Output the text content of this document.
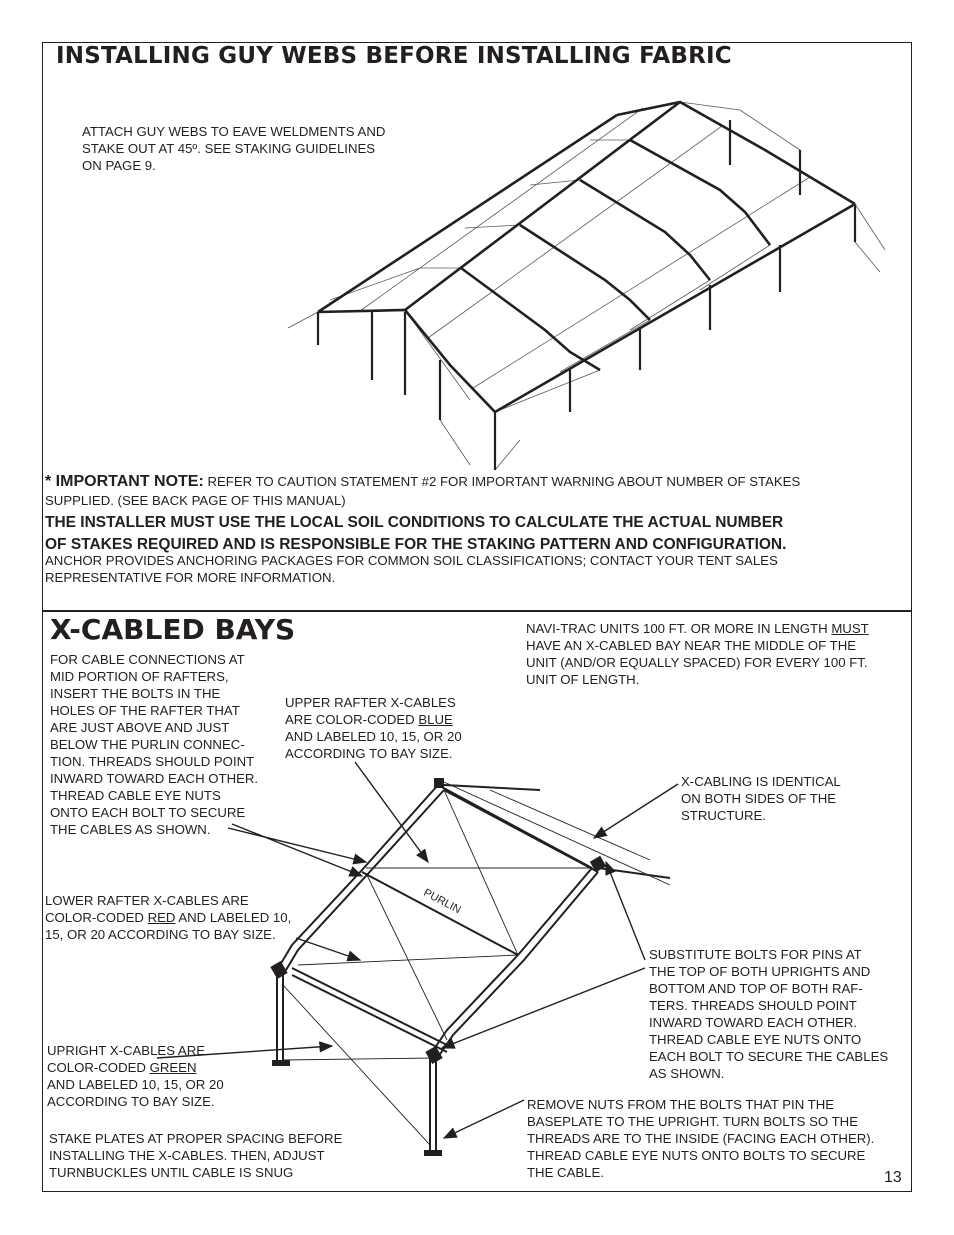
INSTALLING GUY WEBS BEFORE INSTALLING FABRIC
ATTACH GUY WEBS TO EAVE WELDMENTS AND
STAKE OUT AT 45º. SEE STAKING GUIDELINES
ON PAGE 9.
* IMPORTANT NOTE: REFER TO CAUTION STATEMENT #2 FOR IMPORTANT WARNING ABOUT NUMBER OF STAKES
SUPPLIED. (SEE BACK PAGE OF THIS MANUAL)
THE INSTALLER MUST USE THE LOCAL SOIL CONDITIONS TO CALCULATE THE ACTUAL NUMBER
OF STAKES REQUIRED AND IS RESPONSIBLE FOR THE STAKING PATTERN AND CONFIGURATION.
ANCHOR PROVIDES ANCHORING PACKAGES FOR COMMON SOIL CLASSIFICATIONS; CONTACT YOUR TENT SALES
REPRESENTATIVE FOR MORE INFORMATION.
X-CABLED BAYS	NAVI-TRAC UNITS 100 FT. OR MORE IN LENGTH MUST
HAVE AN X-CABLED BAY NEAR THE MIDDLE OF THE
UNIT (AND/OR EQUALLY SPACED) FOR EVERY 100 FT.
UNIT OF LENGTH.
FOR CABLE CONNECTIONS AT
MID PORTION OF RAFTERS,
INSERT THE BOLTS IN THE
HOLES OF THE RAFTER THAT
ARE JUST ABOVE AND JUST
BELOW THE PURLIN CONNEC-
TION. THREADS SHOULD POINT
INWARD TOWARD EACH OTHER.
THREAD CABLE EYE NUTS
ONTO EACH BOLT TO SECURE
THE CABLES AS SHOWN.
UPPER RAFTER X-CABLES
ARE COLOR-CODED BLUE
AND LABELED 10, 15, OR 20
ACCORDING TO BAY SIZE.
X-CABLING IS IDENTICAL
ON BOTH SIDES OF THE
STRUCTURE.
PURLIN
LOWER RAFTER X-CABLES ARE
COLOR-CODED RED AND LABELED 10,
15, OR 20 ACCORDING TO BAY SIZE.
SUBSTITUTE BOLTS FOR PINS AT
THE TOP OF BOTH UPRIGHTS AND
BOTTOM AND TOP OF BOTH RAF-
TERS. THREADS SHOULD POINT
INWARD TOWARD EACH OTHER.
THREAD CABLE EYE NUTS ONTO
EACH BOLT TO SECURE THE CABLES
AS SHOWN.
UPRIGHT X-CABLES ARE
COLOR-CODED GREEN
AND LABELED 10, 15, OR 20
ACCORDING TO BAY SIZE.	REMOVE NUTS FROM THE BOLTS THAT PIN THE
BASEPLATE TO THE UPRIGHT. TURN BOLTS SO THE
THREADS ARE TO THE INSIDE (FACING EACH OTHER).
THREAD CABLE EYE NUTS ONTO BOLTS TO SECURE
THE CABLE.
STAKE PLATES AT PROPER SPACING BEFORE
INSTALLING THE X-CABLES. THEN, ADJUST
TURNBUCKLES UNTIL CABLE IS SNUG	13
